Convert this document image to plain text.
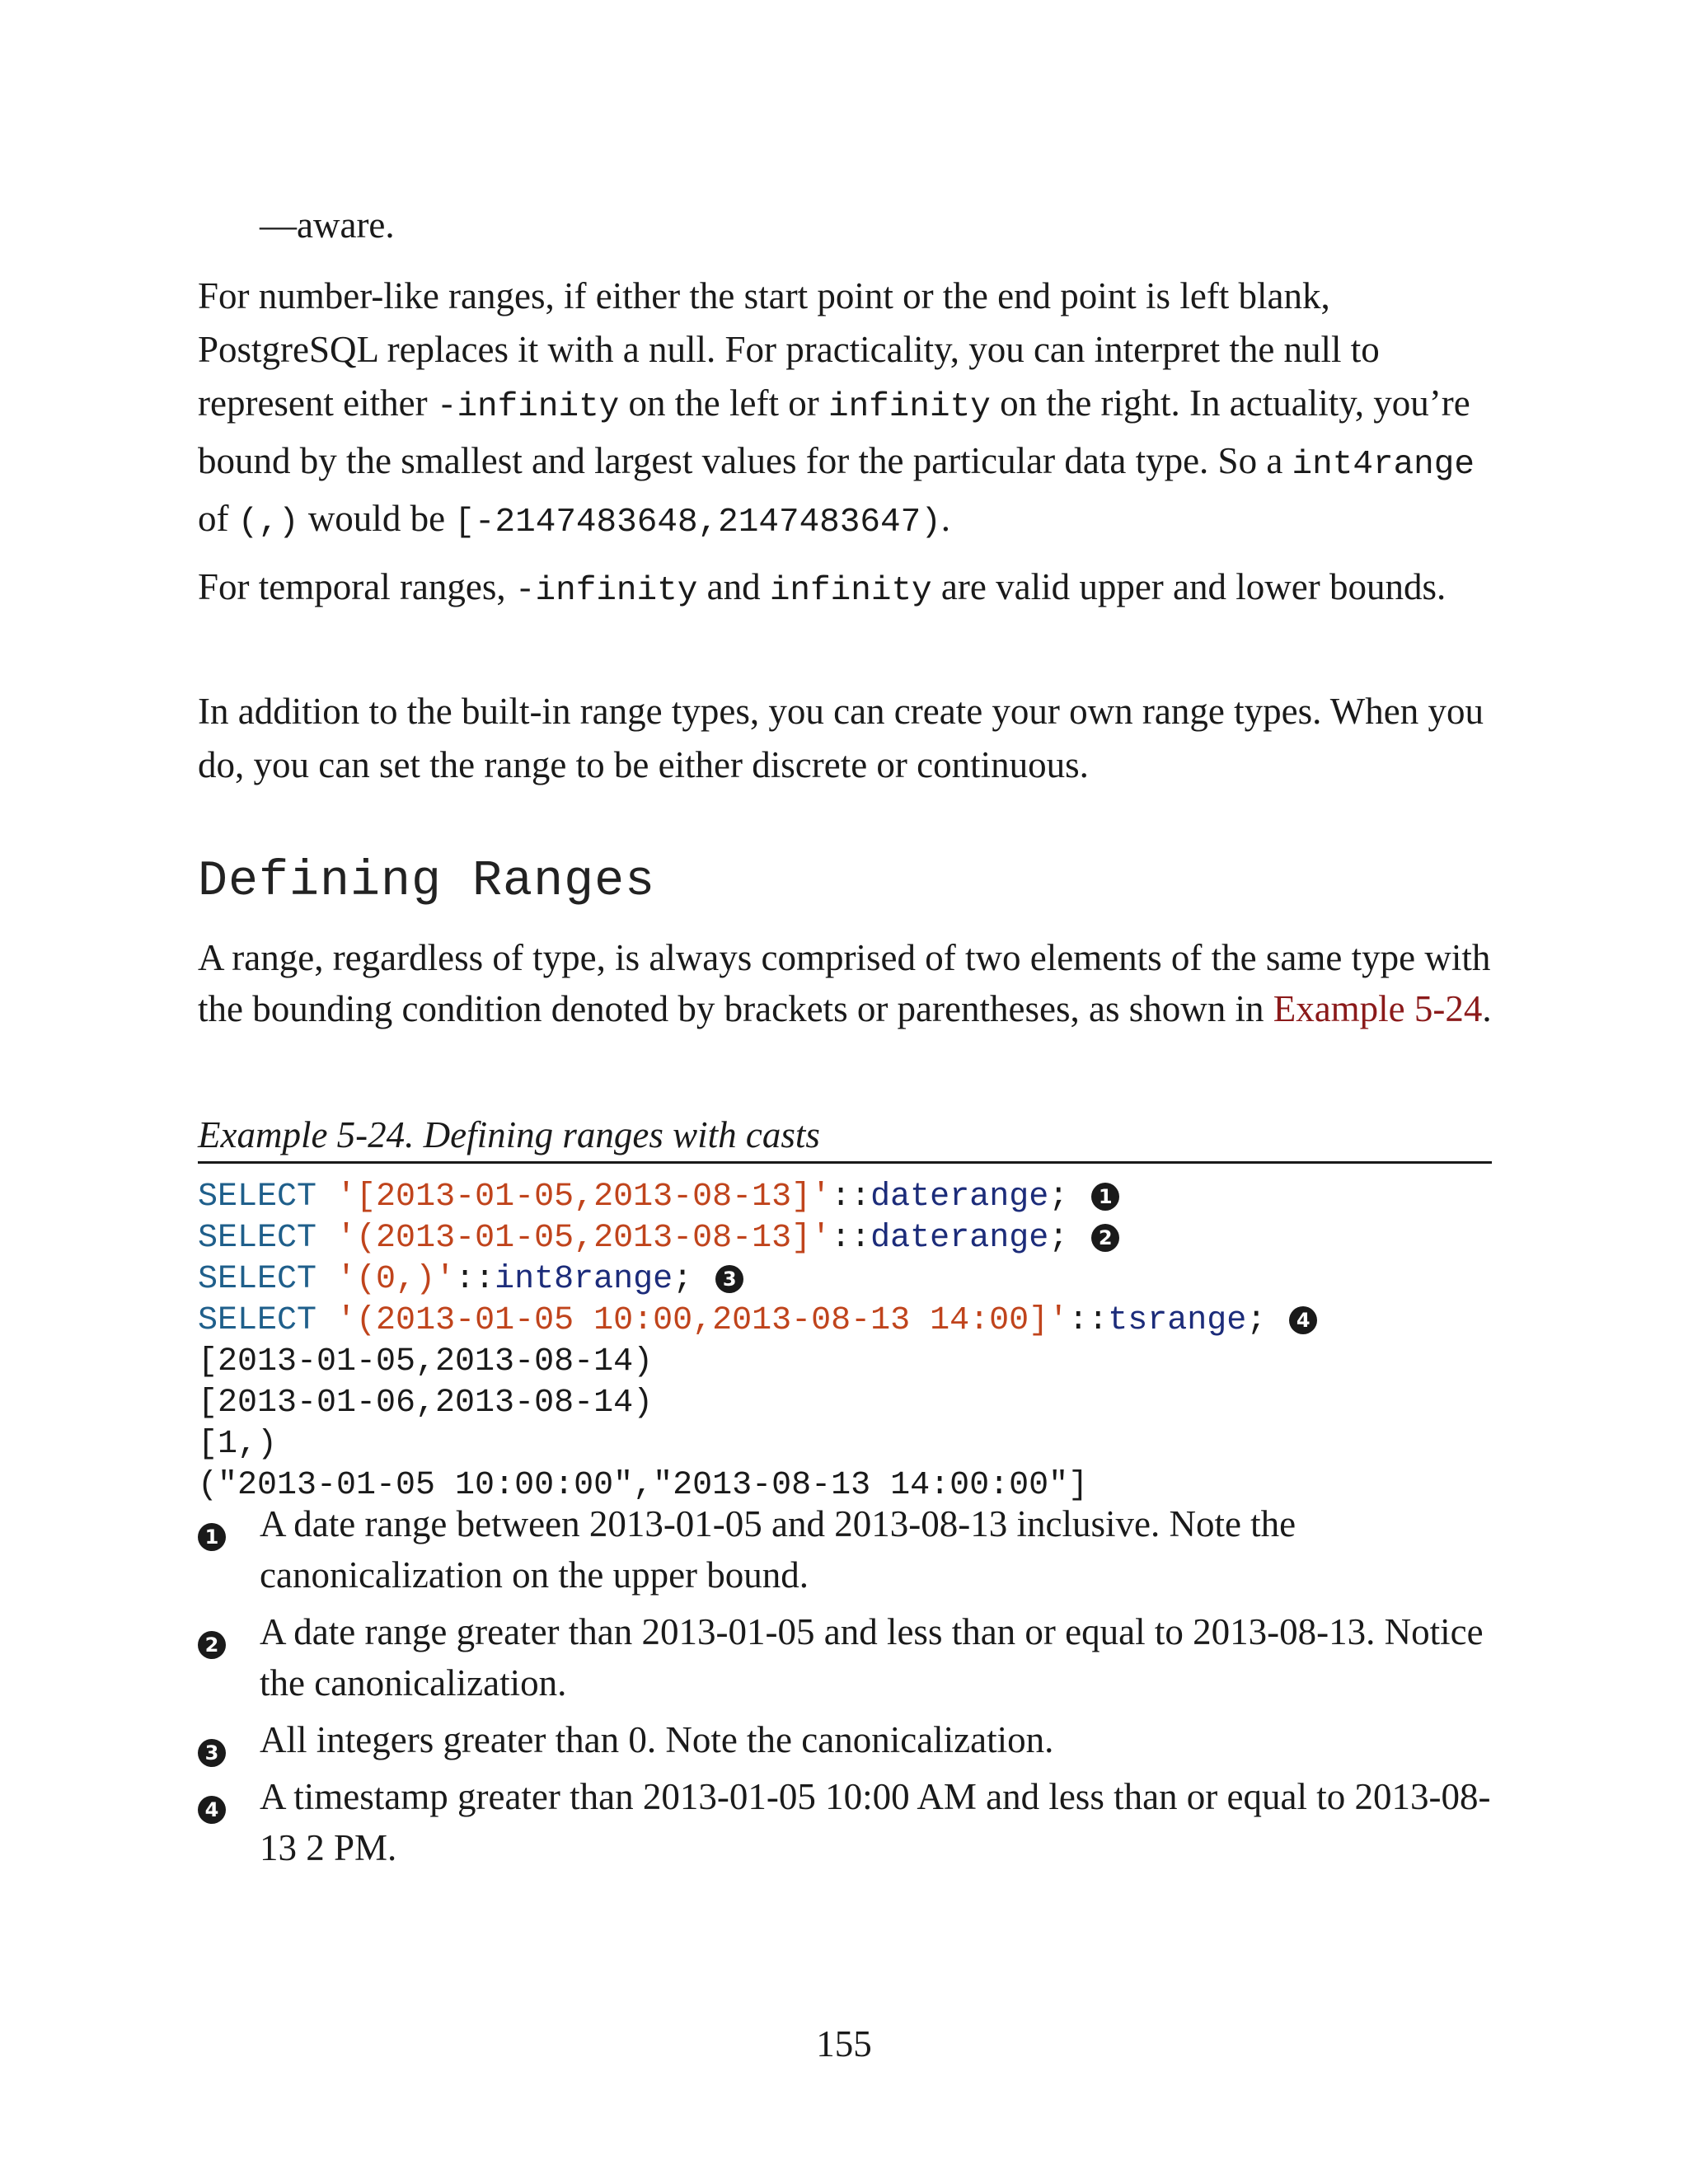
—aware.

For number-like ranges, if either the start point or the end point is left blank, PostgreSQL replaces it with a null. For practicality, you can interpret the null to represent either -infinity on the left or infinity on the right. In actuality, you’re bound by the smallest and largest values for the particular data type. So a int4range of (,) would be [-2147483648,2147483647).

For temporal ranges, -infinity and infinity are valid upper and lower bounds.

In addition to the built-in range types, you can create your own range types. When you do, you can set the range to be either discrete or continuous.

Defining Ranges

A range, regardless of type, is always comprised of two elements of the same type with the bounding condition denoted by brackets or parentheses, as shown in Example 5-24.

Example 5-24. Defining ranges with casts

SELECT '[2013-01-05,2013-08-13]'::daterange; 1
SELECT '(2013-01-05,2013-08-13]'::daterange; 2
SELECT '(0,)'::int8range; 3
SELECT '(2013-01-05 10:00,2013-08-13 14:00]'::tsrange; 4
[2013-01-05,2013-08-14)
[2013-01-06,2013-08-14)
[1,)
("2013-01-05 10:00:00","2013-08-13 14:00:00"]
1 A date range between 2013-01-05 and 2013-08-13 inclusive. Note the canonicalization on the upper bound.
2 A date range greater than 2013-01-05 and less than or equal to 2013-08-13. Notice the canonicalization.
3 All integers greater than 0. Note the canonicalization.
4 A timestamp greater than 2013-01-05 10:00 AM and less than or equal to 2013-08-13 2 PM.

155
